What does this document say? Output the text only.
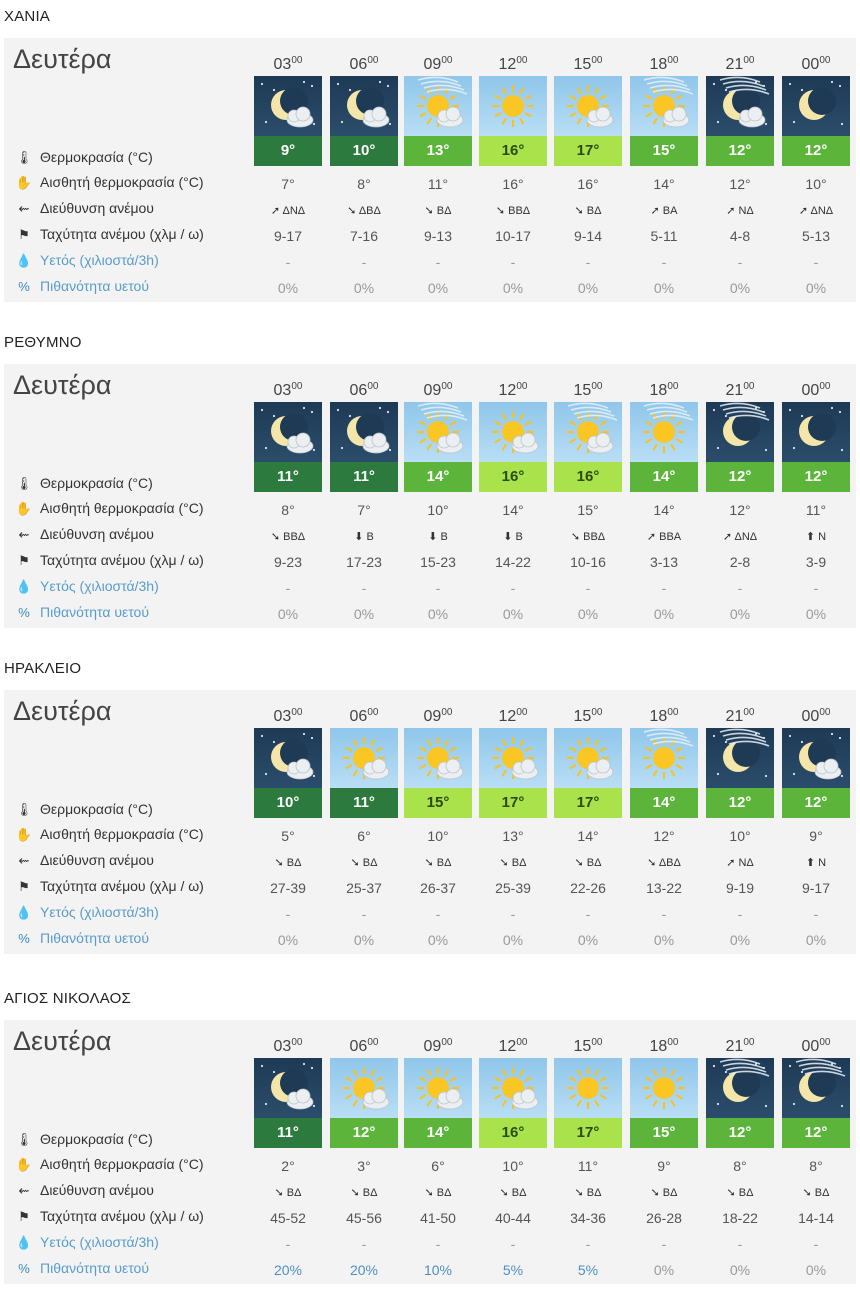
ΧΑΝΙΑ
Δευτέρα
🌡 Θερμοκρασία (°C)
✋ Αισθητή θερμοκρασία (°C)
⇜ Διεύθυνση ανέμου
⚑ Ταχύτητα ανέμου (χλμ / ω)
💧 Υετός (χιλιοστά/3h)
% Πιθανότητα υετού
$03^{00}$
9°
7°
➚ ΔΝΔ
9-17
-
0%
$06^{00}$
10°
8°
➘ ΔΒΔ
7-16
-
0%
$09^{00}$
13°
11°
➘ ΒΔ
9-13
-
0%
$12^{00}$
16°
16°
➘ ΒΒΔ
10-17
-
0%
$15^{00}$
17°
16°
➘ ΒΔ
9-14
-
0%
$18^{00}$
15°
14°
➚ ΒΑ
5-11
-
0%
$21^{00}$
12°
12°
➚ ΝΔ
4-8
-
0%
$00^{00}$
12°
10°
➚ ΔΝΔ
5-13
-
0%
ΡΕΘΥΜΝΟ
Δευτέρα
🌡 Θερμοκρασία (°C)
✋ Αισθητή θερμοκρασία (°C)
⇜ Διεύθυνση ανέμου
⚑ Ταχύτητα ανέμου (χλμ / ω)
💧 Υετός (χιλιοστά/3h)
% Πιθανότητα υετού
$03^{00}$
11°
8°
➘ ΒΒΔ
9-23
-
0%
$06^{00}$
11°
7°
⬇ Β
17-23
-
0%
$09^{00}$
14°
10°
⬇ Β
15-23
-
0%
$12^{00}$
16°
14°
⬇ Β
14-22
-
0%
$15^{00}$
16°
15°
➘ ΒΒΔ
10-16
-
0%
$18^{00}$
14°
14°
➚ ΒΒΑ
3-13
-
0%
$21^{00}$
12°
12°
➚ ΔΝΔ
2-8
-
0%
$00^{00}$
12°
11°
⬆ Ν
3-9
-
0%
ΗΡΑΚΛΕΙΟ
Δευτέρα
🌡 Θερμοκρασία (°C)
✋ Αισθητή θερμοκρασία (°C)
⇜ Διεύθυνση ανέμου
⚑ Ταχύτητα ανέμου (χλμ / ω)
💧 Υετός (χιλιοστά/3h)
% Πιθανότητα υετού
$03^{00}$
10°
5°
➘ ΒΔ
27-39
-
0%
$06^{00}$
11°
6°
➘ ΒΔ
25-37
-
0%
$09^{00}$
15°
10°
➘ ΒΔ
26-37
-
0%
$12^{00}$
17°
13°
➘ ΒΔ
25-39
-
0%
$15^{00}$
17°
14°
➘ ΒΔ
22-26
-
0%
$18^{00}$
14°
12°
➘ ΔΒΔ
13-22
-
0%
$21^{00}$
12°
10°
➚ ΝΔ
9-19
-
0%
$00^{00}$
12°
9°
⬆ Ν
9-17
-
0%
ΑΓΙΟΣ ΝΙΚΟΛΑΟΣ
Δευτέρα
🌡 Θερμοκρασία (°C)
✋ Αισθητή θερμοκρασία (°C)
⇜ Διεύθυνση ανέμου
⚑ Ταχύτητα ανέμου (χλμ / ω)
💧 Υετός (χιλιοστά/3h)
% Πιθανότητα υετού
$03^{00}$
11°
2°
➘ ΒΔ
45-52
-
20%
$06^{00}$
12°
3°
➘ ΒΔ
45-56
-
20%
$09^{00}$
14°
6°
➘ ΒΔ
41-50
-
10%
$12^{00}$
16°
10°
➘ ΒΔ
40-44
-
5%
$15^{00}$
17°
11°
➘ ΒΔ
34-36
-
5%
$18^{00}$
15°
9°
➘ ΒΔ
26-28
-
0%
$21^{00}$
12°
8°
➘ ΒΔ
18-22
-
0%
$00^{00}$
12°
8°
➘ ΒΔ
14-14
-
0%
